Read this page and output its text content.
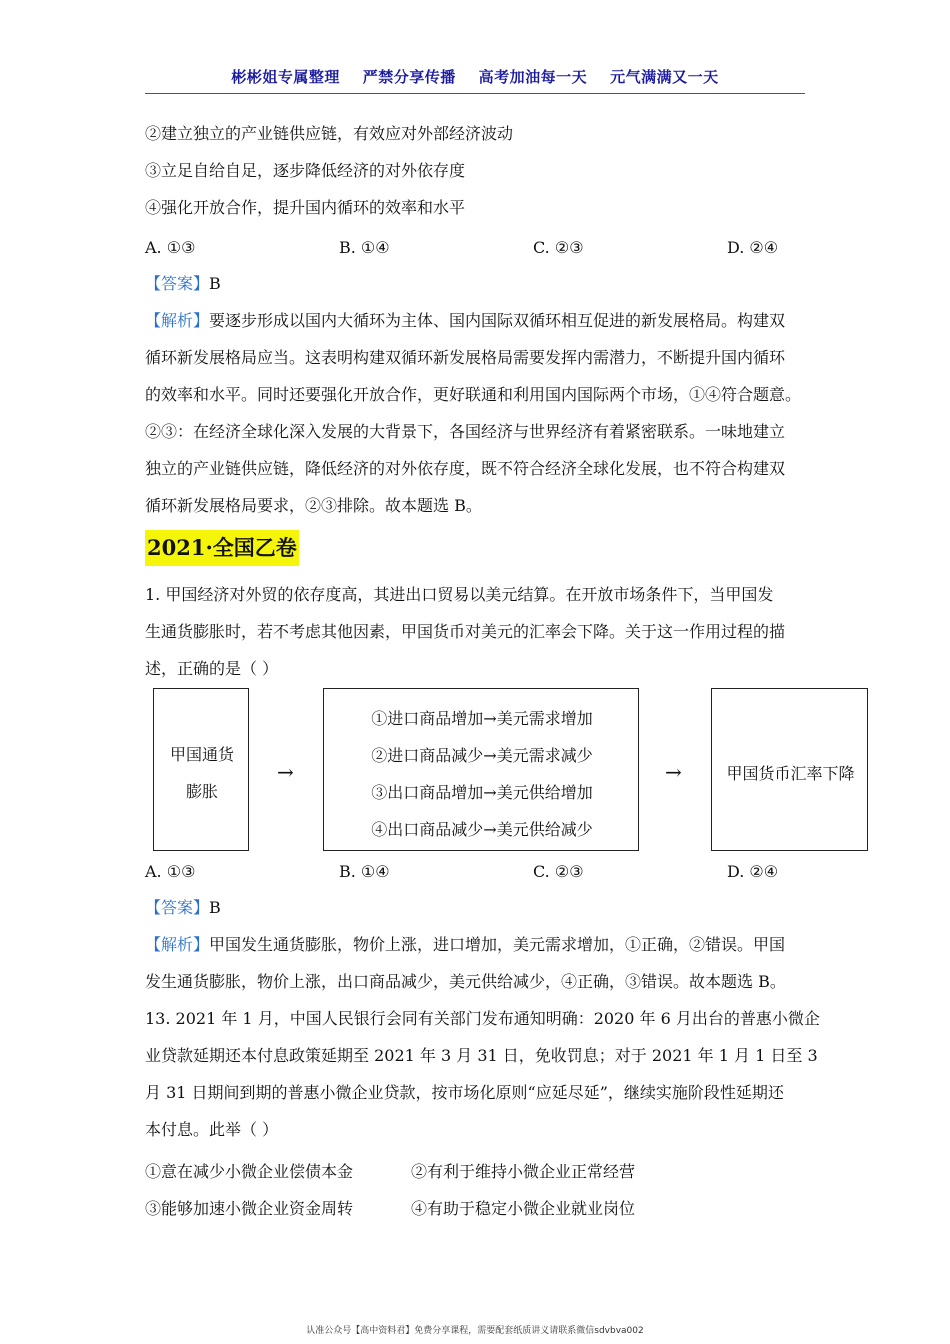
彬彬姐专属整理    严禁分享传播    高考加油每一天    元气满满又一天
②建立独立的产业链供应链，有效应对外部经济波动
③立足自给自足，逐步降低经济的对外依存度
④强化开放合作，提升国内循环的效率和水平
A. ①③	B. ①④	C. ②③	D. ②④
【答案】B
【解析】要逐步形成以国内大循环为主体、国内国际双循环相互促进的新发展格局。构建双
循环新发展格局应当。这表明构建双循环新发展格局需要发挥内需潜力，不断提升国内循环
的效率和水平。同时还要强化开放合作，更好联通和利用国内国际两个市场，①④符合题意。
②③：在经济全球化深入发展的大背景下，各国经济与世界经济有着紧密联系。一味地建立
独立的产业链供应链，降低经济的对外依存度，既不符合经济全球化发展，也不符合构建双
循环新发展格局要求，②③排除。故本题选 B。
2021·全国乙卷
1. 甲国经济对外贸的依存度高，其进出口贸易以美元结算。在开放市场条件下，当甲国发
生通货膨胀时，若不考虑其他因素，甲国货币对美元的汇率会下降。关于这一作用过程的描
述，正确的是（ ）
甲国通货
膨胀
→
①进口商品增加→美元需求增加
②进口商品减少→美元需求减少
③出口商品增加→美元供给增加
④出口商品减少→美元供给减少
→	甲国货币汇率下降
A. ①③	B. ①④	C. ②③	D. ②④
【答案】B
【解析】甲国发生通货膨胀，物价上涨，进口增加，美元需求增加，①正确，②错误。甲国
发生通货膨胀，物价上涨，出口商品减少，美元供给减少，④正确，③错误。故本题选 B。
13. 2021 年 1 月，中国人民银行会同有关部门发布通知明确：2020 年 6 月出台的普惠小微企
业贷款延期还本付息政策延期至 2021 年 3 月 31 日，免收罚息；对于 2021 年 1 月 1 日至 3
月 31 日期间到期的普惠小微企业贷款，按市场化原则“应延尽延”，继续实施阶段性延期还
本付息。此举（ ）
①意在减少小微企业偿债本金	②有利于维持小微企业正常经营
③能够加速小微企业资金周转	④有助于稳定小微企业就业岗位
认准公众号【高中资料君】免费分享课程，需要配套纸质讲义请联系微信sdvbva002
